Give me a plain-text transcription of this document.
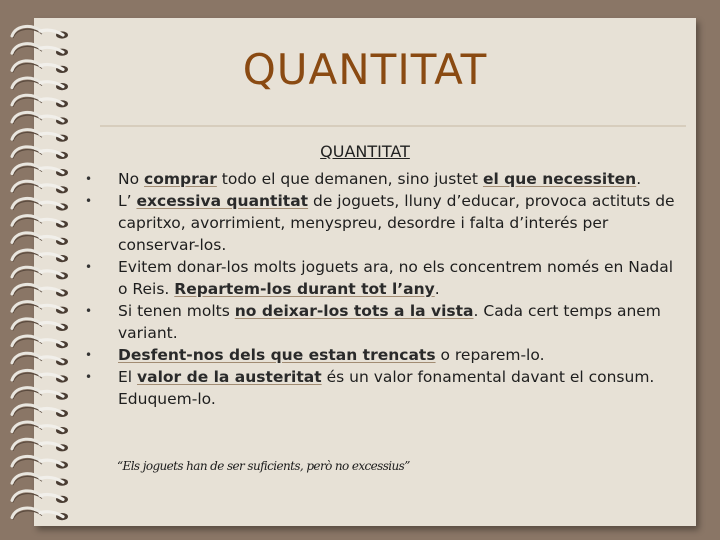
QUANTITAT
QUANTITAT
• No comprar todo el que demanen, sino justet el que necessiten.
• L’ excessiva quantitat de joguets, lluny d’educar, provoca actituts de capritxo, avorrimient, menyspreu, desordre i falta d’interés per conservar-los.
• Evitem donar-los molts joguets ara, no els concentrem només en Nadal o Reis. Repartem-los durant tot l’any.
• Si tenen molts no deixar-los tots a la vista. Cada cert temps anem variant.
• Desfent-nos dels que estan trencats o reparem-lo.
• El valor de la austeritat és un valor fonamental davant el consum. Eduquem-lo.
“Els joguets han de ser suficients, però no excessius”
